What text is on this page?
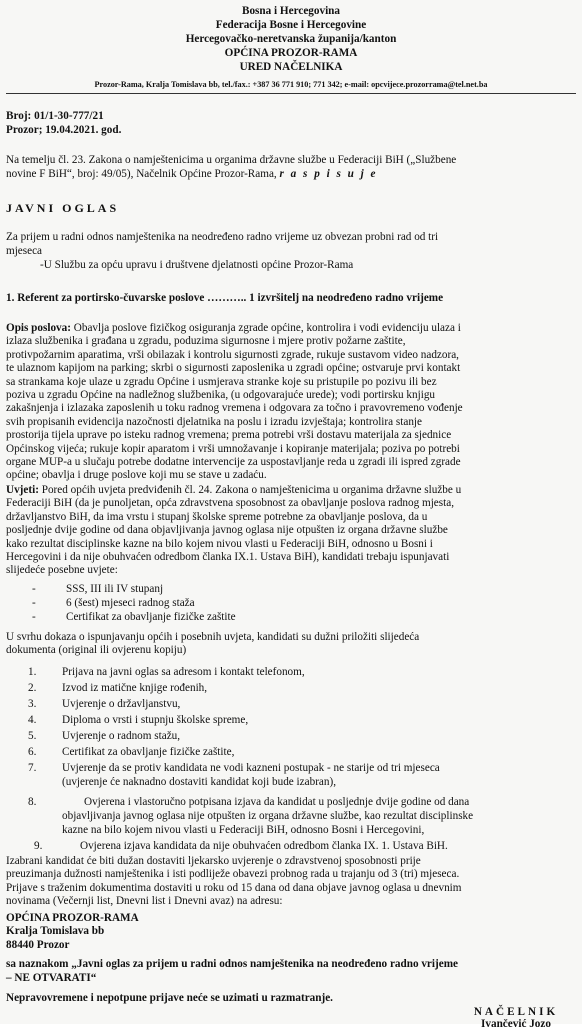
Bosna i Hercegovina
Federacija Bosne i Hercegovine
Hercegovačko-neretvanska županija/kanton
OPĆINA PROZOR-RAMA
URED NAČELNIKA
Prozor-Rama, Kralja Tomislava bb, tel./fax.: +387 36 771 910; 771 342; e-mail: opcvijece.prozorrama@tel.net.ba
Broj: 01/1-30-777/21
Prozor; 19.04.2021. god.
Na temelju čl. 23. Zakona o namještenicima u organima državne službe u Federaciji BiH („Službene
novine F BiH“, broj: 49/05), Načelnik Općine Prozor-Rama, r a s p i s u j e
JAVNI OGLAS
Za prijem u radni odnos namještenika na neodređeno radno vrijeme uz obvezan probni rad od tri
mjeseca
-U Službu za opću upravu i društvene djelatnosti općine Prozor-Rama
1. Referent za portirsko-čuvarske poslove ……….. 1 izvršitelj na neodređeno radno vrijeme
Opis poslova: Obavlja poslove fizičkog osiguranja zgrade općine, kontrolira i vodi evidenciju ulaza i
izlaza službenika i građana u zgradu, poduzima sigurnosne i mjere protiv požarne zaštite,
protivpožarnim aparatima, vrši obilazak i kontrolu sigurnosti zgrade, rukuje sustavom video nadzora,
te ulaznom kapijom na parking; skrbi o sigurnosti zaposlenika u zgradi općine; ostvaruje prvi kontakt
sa strankama koje ulaze u zgradu Općine i usmjerava stranke koje su pristupile po pozivu ili bez
poziva u zgradu Općine na nadležnog službenika, (u odgovarajuće urede); vodi portirsku knjigu
zakašnjenja i izlazaka zaposlenih u toku radnog vremena i odgovara za točno i pravovremeno vođenje
svih propisanih evidencija nazočnosti djelatnika na poslu i izradu izvještaja; kontrolira stanje
prostorija tijela uprave po isteku radnog vremena; prema potrebi vrši dostavu materijala za sjednice
Općinskog vijeća; rukuje kopir aparatom i vrši umnožavanje i kopiranje materijala; poziva po potrebi
organe MUP-a u slučaju potrebe dodatne intervencije za uspostavljanje reda u zgradi ili ispred zgrade
općine; obavlja i druge poslove koji mu se stave u zadaću.
Uvjeti: Pored općih uvjeta predviđenih čl. 24. Zakona o namještenicima u organima državne službe u
Federaciji BiH (da je punoljetan, opća zdravstvena sposobnost za obavljanje poslova radnog mjesta,
državljanstvo BiH, da ima vrstu i stupanj školske spreme potrebne za obavljanje poslova, da u
posljednje dvije godine od dana objavljivanja javnog oglasa nije otpušten iz organa državne službe
kako rezultat disciplinske kazne na bilo kojem nivou vlasti u Federaciji BiH, odnosno u Bosni i
Hercegovini i da nije obuhvaćen odredbom članka IX.1. Ustava BiH), kandidati trebaju ispunjavati
slijedeće posebne uvjete:
-	SSS, III ili IV stupanj
-	6 (šest) mjeseci radnog staža
-	Certifikat za obavljanje fizičke zaštite
U svrhu dokaza o ispunjavanju općih i posebnih uvjeta, kandidati su dužni priložiti slijedeća
dokumenta (original ili ovjerenu kopiju)
1. Prijava na javni oglas sa adresom i kontakt telefonom,
2. Izvod iz matične knjige rođenih,
3. Uvjerenje o državljanstvu,
4. Diploma o vrsti i stupnju školske spreme,
5. Uvjerenje o radnom stažu,
6. Certifikat za obavljanje fizičke zaštite,
7. Uvjerenje da se protiv kandidata ne vodi kazneni postupak - ne starije od tri mjeseca
(uvjerenje će naknadno dostaviti kandidat koji bude izabran),
8.	Ovjerena i vlastoručno potpisana izjava da kandidat u posljednje dvije godine od dana
objavljivanja javnog oglasa nije otpušten iz organa državne službe, kao rezultat disciplinske
kazne na bilo kojem nivou vlasti u Federaciji BiH, odnosno Bosni i Hercegovini,
9.	Ovjerena izjava kandidata da nije obuhvaćen odredbom članka IX. 1. Ustava BiH.
Izabrani kandidat će biti dužan dostaviti ljekarsko uvjerenje o zdravstvenoj sposobnosti prije
preuzimanja dužnosti namještenika i isti podliježe obavezi probnog rada u trajanju od 3 (tri) mjeseca.
Prijave s traženim dokumentima dostaviti u roku od 15 dana od dana objave javnog oglasa u dnevnim
novinama (Večernji list, Dnevni list i Dnevni avaz) na adresu:
OPĆINA PROZOR-RAMA
Kralja Tomislava bb
88440 Prozor
sa naznakom „Javni oglas za prijem u radni odnos namještenika na neodređeno radno vrijeme
– NE OTVARATI“
Nepravovremene i nepotpune prijave neće se uzimati u razmatranje.
NAČELNIK
Ivančević Jozo
